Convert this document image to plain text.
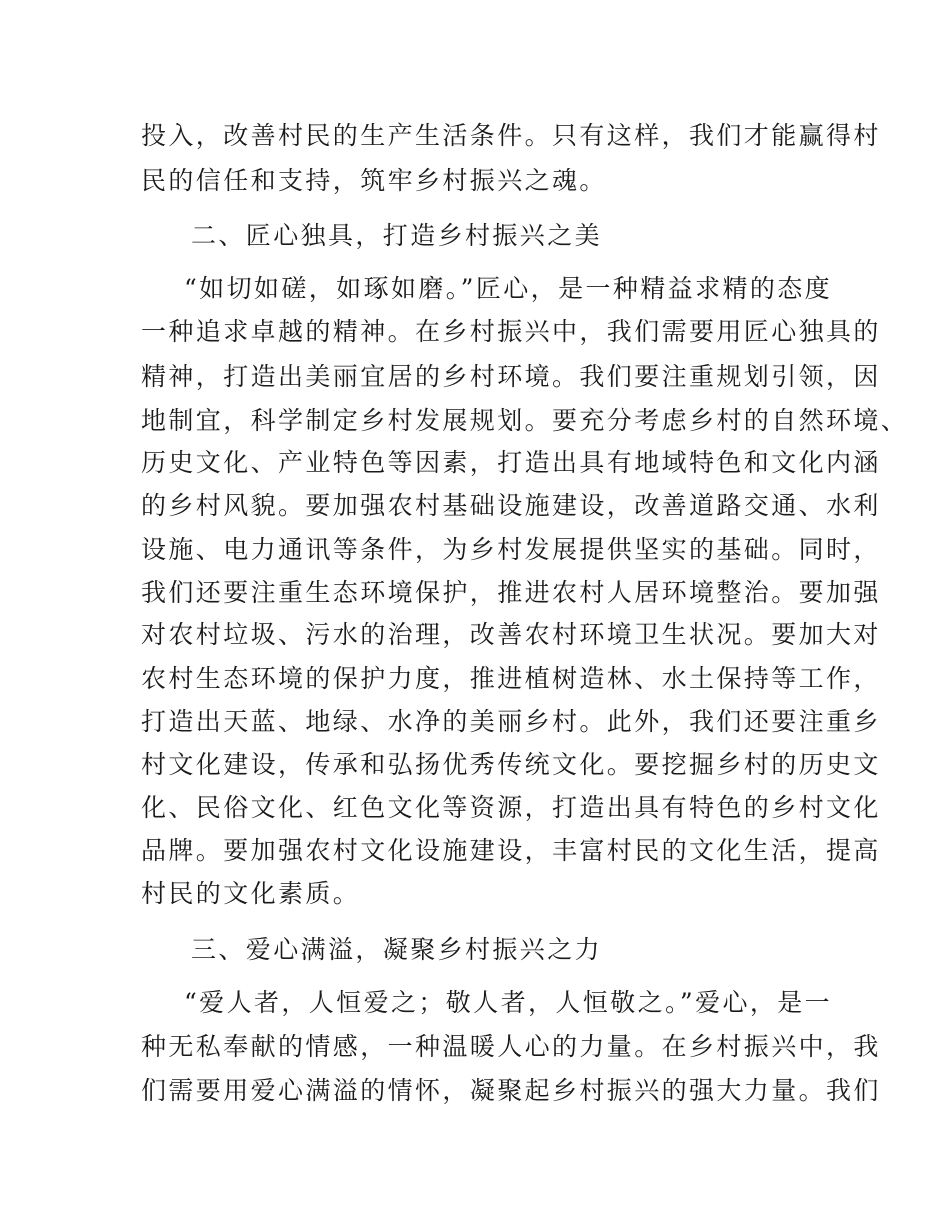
投入，改善村民的生产生活条件。只有这样，我们才能赢得村
民的信任和支持，筑牢乡村振兴之魂。
二、匠心独具，打造乡村振兴之美
“如切如磋，如琢如磨。”匠心，是一种精益求精的态度
一种追求卓越的精神。在乡村振兴中，我们需要用匠心独具的
精神，打造出美丽宜居的乡村环境。我们要注重规划引领，因
地制宜，科学制定乡村发展规划。要充分考虑乡村的自然环境、
历史文化、产业特色等因素，打造出具有地域特色和文化内涵
的乡村风貌。要加强农村基础设施建设，改善道路交通、水利
设施、电力通讯等条件，为乡村发展提供坚实的基础。同时，
我们还要注重生态环境保护，推进农村人居环境整治。要加强
对农村垃圾、污水的治理，改善农村环境卫生状况。要加大对
农村生态环境的保护力度，推进植树造林、水土保持等工作，
打造出天蓝、地绿、水净的美丽乡村。此外，我们还要注重乡
村文化建设，传承和弘扬优秀传统文化。要挖掘乡村的历史文
化、民俗文化、红色文化等资源，打造出具有特色的乡村文化
品牌。要加强农村文化设施建设，丰富村民的文化生活，提高
村民的文化素质。
三、爱心满溢，凝聚乡村振兴之力
“爱人者，人恒爱之；敬人者，人恒敬之。”爱心，是一
种无私奉献的情感，一种温暖人心的力量。在乡村振兴中，我
们需要用爱心满溢的情怀，凝聚起乡村振兴的强大力量。我们
